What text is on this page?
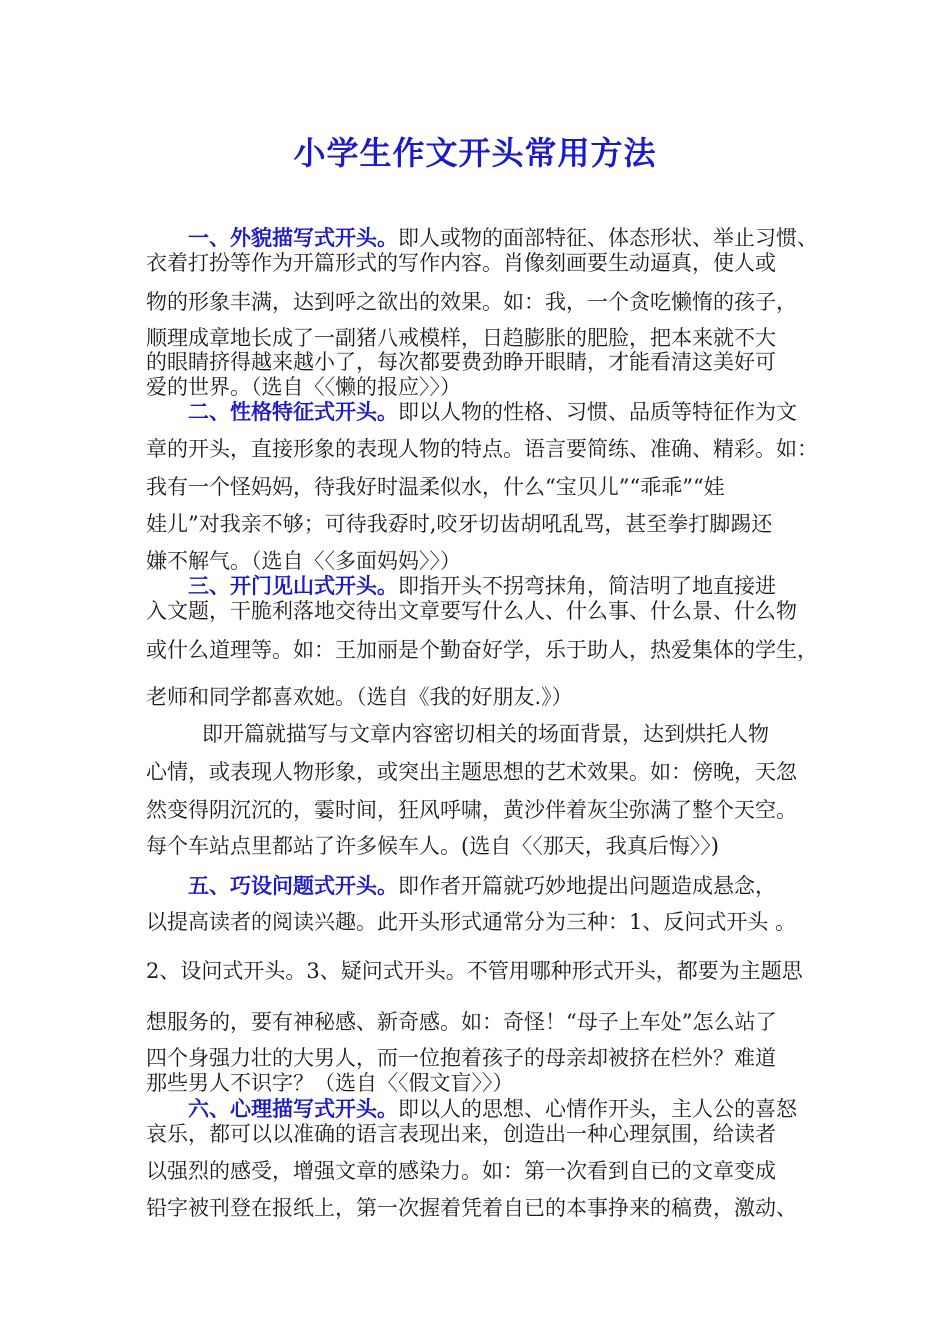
小学生作文开头常用方法

一、外貌描写式开头。即人或物的面部特征、体态形状、举止习惯、

衣着打扮等作为开篇形式的写作内容。肖像刻画要生动逼真，使人或

物的形象丰满，达到呼之欲出的效果。如：我，一个贪吃懒惰的孩子，

顺理成章地长成了一副猪八戒模样，日趋膨胀的肥脸，把本来就不大

的眼睛挤得越来越小了，每次都要费劲睁开眼睛，才能看清这美好可

爱的世界。（选自〈〈懒的报应〉〉）

二、性格特征式开头。即以人物的性格、习惯、品质等特征作为文

章的开头，直接形象的表现人物的特点。语言要简练、准确、精彩。如：

我有一个怪妈妈，待我好时温柔似水，什么“宝贝儿”“乖乖”“娃

娃儿”对我亲不够；可待我孬时,咬牙切齿胡吼乱骂，甚至拳打脚踢还

嫌不解气。（选自〈〈多面妈妈〉〉）

三、开门见山式开头。即指开头不拐弯抹角，简洁明了地直接进

入文题，干脆利落地交待出文章要写什么人、什么事、什么景、什么物

或什么道理等。如：王加丽是个勤奋好学，乐于助人，热爱集体的学生，

老师和同学都喜欢她。（选自《我的好朋友.》）

即开篇就描写与文章内容密切相关的场面背景，达到烘托人物

心情，或表现人物形象，或突出主题思想的艺术效果。如：傍晚，天忽

然变得阴沉沉的，霎时间，狂风呼啸，黄沙伴着灰尘弥满了整个天空。

每个车站点里都站了许多候车人。(选自〈〈那天，我真后悔〉〉)

五、巧设问题式开头。即作者开篇就巧妙地提出问题造成悬念，

以提高读者的阅读兴趣。此开头形式通常分为三种：1、反问式开头 。

2、设问式开头。3、疑问式开头。不管用哪种形式开头，都要为主题思

想服务的，要有神秘感、新奇感。如：奇怪！“母子上车处”怎么站了

四个身强力壮的大男人，而一位抱着孩子的母亲却被挤在栏外？难道

那些男人不识字？（选自〈〈假文盲〉〉）

六、心理描写式开头。即以人的思想、心情作开头，主人公的喜怒

哀乐，都可以以准确的语言表现出来，创造出一种心理氛围，给读者

以强烈的感受，增强文章的感染力。如：第一次看到自已的文章变成

铅字被刊登在报纸上，第一次握着凭着自已的本事挣来的稿费，激动、
